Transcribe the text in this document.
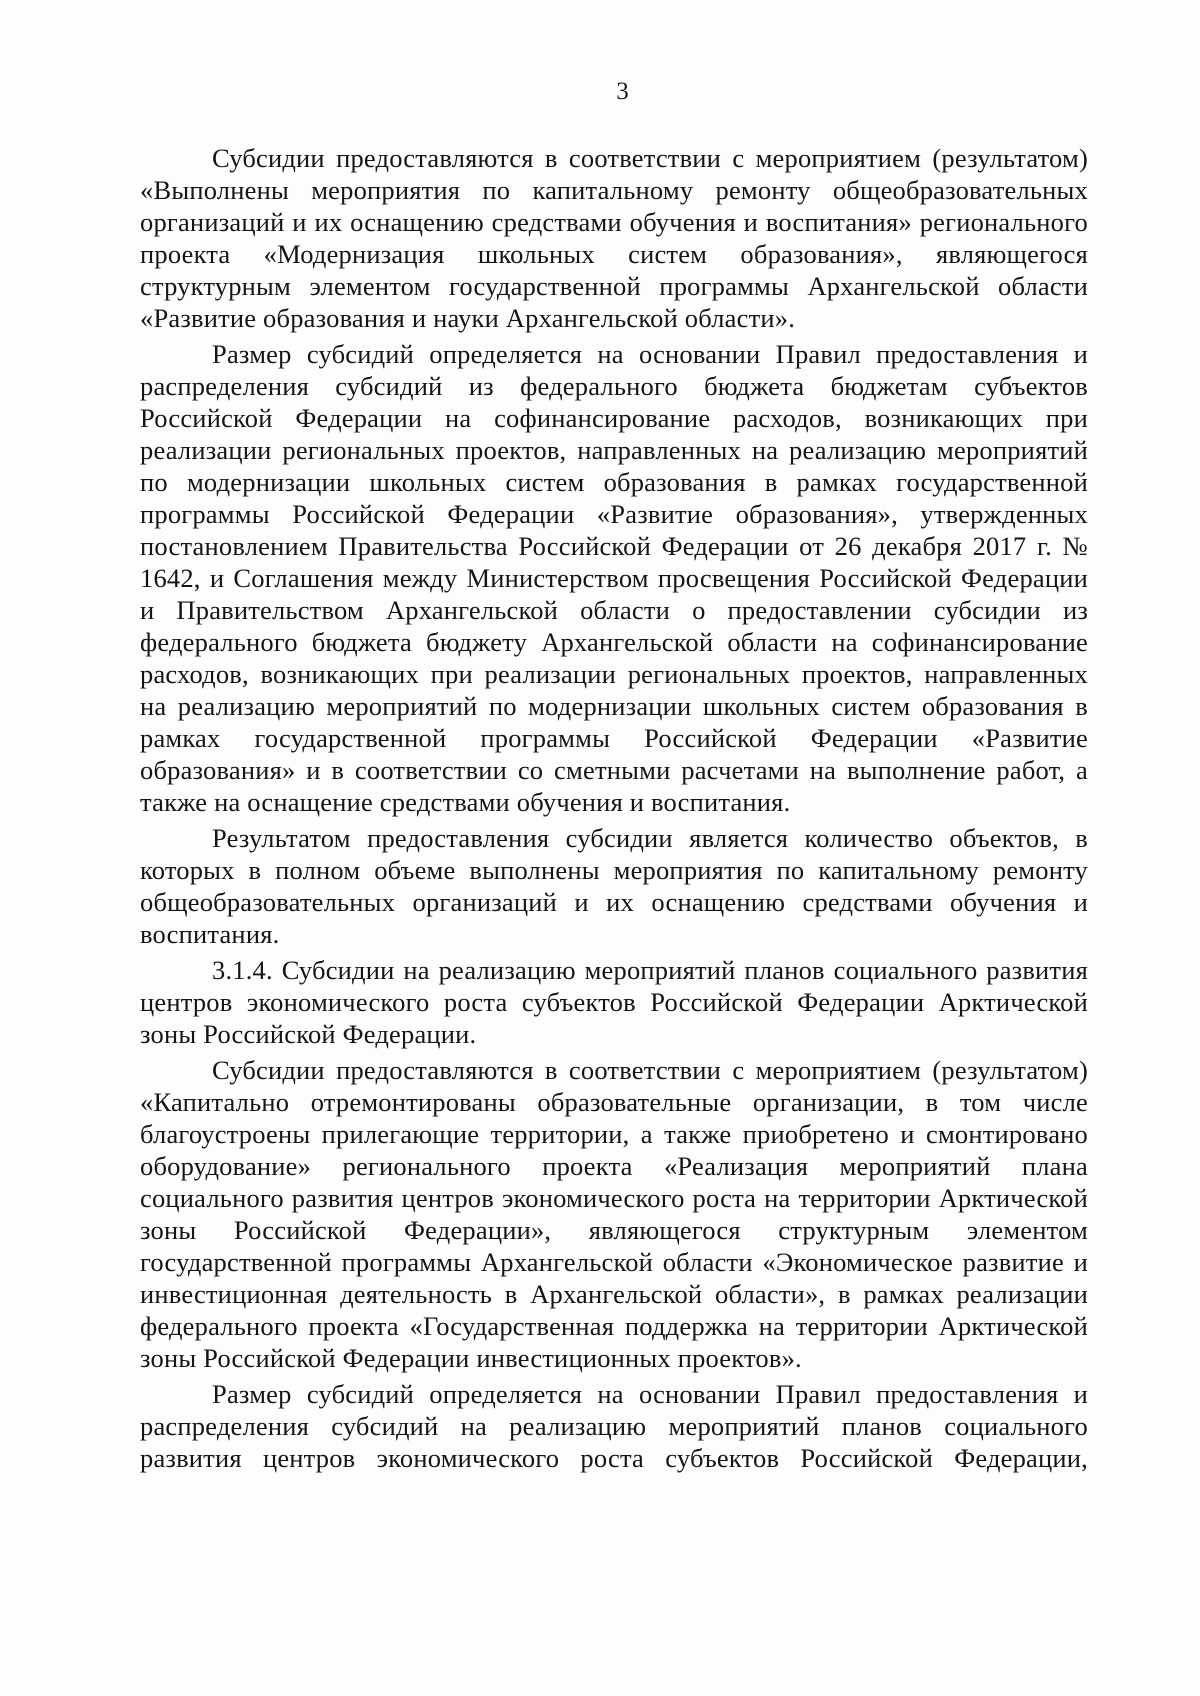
3

Субсидии предоставляются в соответствии с мероприятием (результатом) «Выполнены мероприятия по капитальному ремонту общеобразовательных организаций и их оснащению средствами обучения и воспитания» регионального проекта «Модернизация школьных систем образования», являющегося структурным элементом государственной программы Архангельской области «Развитие образования и науки Архангельской области».

Размер субсидий определяется на основании Правил предоставления и распределения субсидий из федерального бюджета бюджетам субъектов Российской Федерации на софинансирование расходов, возникающих при реализации региональных проектов, направленных на реализацию мероприятий по модернизации школьных систем образования в рамках государственной программы Российской Федерации «Развитие образования», утвержденных постановлением Правительства Российской Федерации от 26 декабря 2017 г. № 1642, и Соглашения между Министерством просвещения Российской Федерации и Правительством Архангельской области о предоставлении субсидии из федерального бюджета бюджету Архангельской области на софинансирование расходов, возникающих при реализации региональных проектов, направленных на реализацию мероприятий по модернизации школьных систем образования в рамках государственной программы Российской Федерации «Развитие образования» и в соответствии со сметными расчетами на выполнение работ, а также на оснащение средствами обучения и воспитания.

Результатом предоставления субсидии является количество объектов, в которых в полном объеме выполнены мероприятия по капитальному ремонту общеобразовательных организаций и их оснащению средствами обучения и воспитания.

3.1.4. Субсидии на реализацию мероприятий планов социального развития центров экономического роста субъектов Российской Федерации Арктической зоны Российской Федерации.

Субсидии предоставляются в соответствии с мероприятием (результатом) «Капитально отремонтированы образовательные организации, в том числе благоустроены прилегающие территории, а также приобретено и смонтировано оборудование» регионального проекта «Реализация мероприятий плана социального развития центров экономического роста на территории Арктической зоны Российской Федерации», являющегося структурным элементом государственной программы Архангельской области «Экономическое развитие и инвестиционная деятельность в Архангельской области», в рамках реализации федерального проекта «Государственная поддержка на территории Арктической зоны Российской Федерации инвестиционных проектов».

Размер субсидий определяется на основании Правил предоставления и распределения субсидий на реализацию мероприятий планов социального развития центров экономического роста субъектов Российской Федерации,
